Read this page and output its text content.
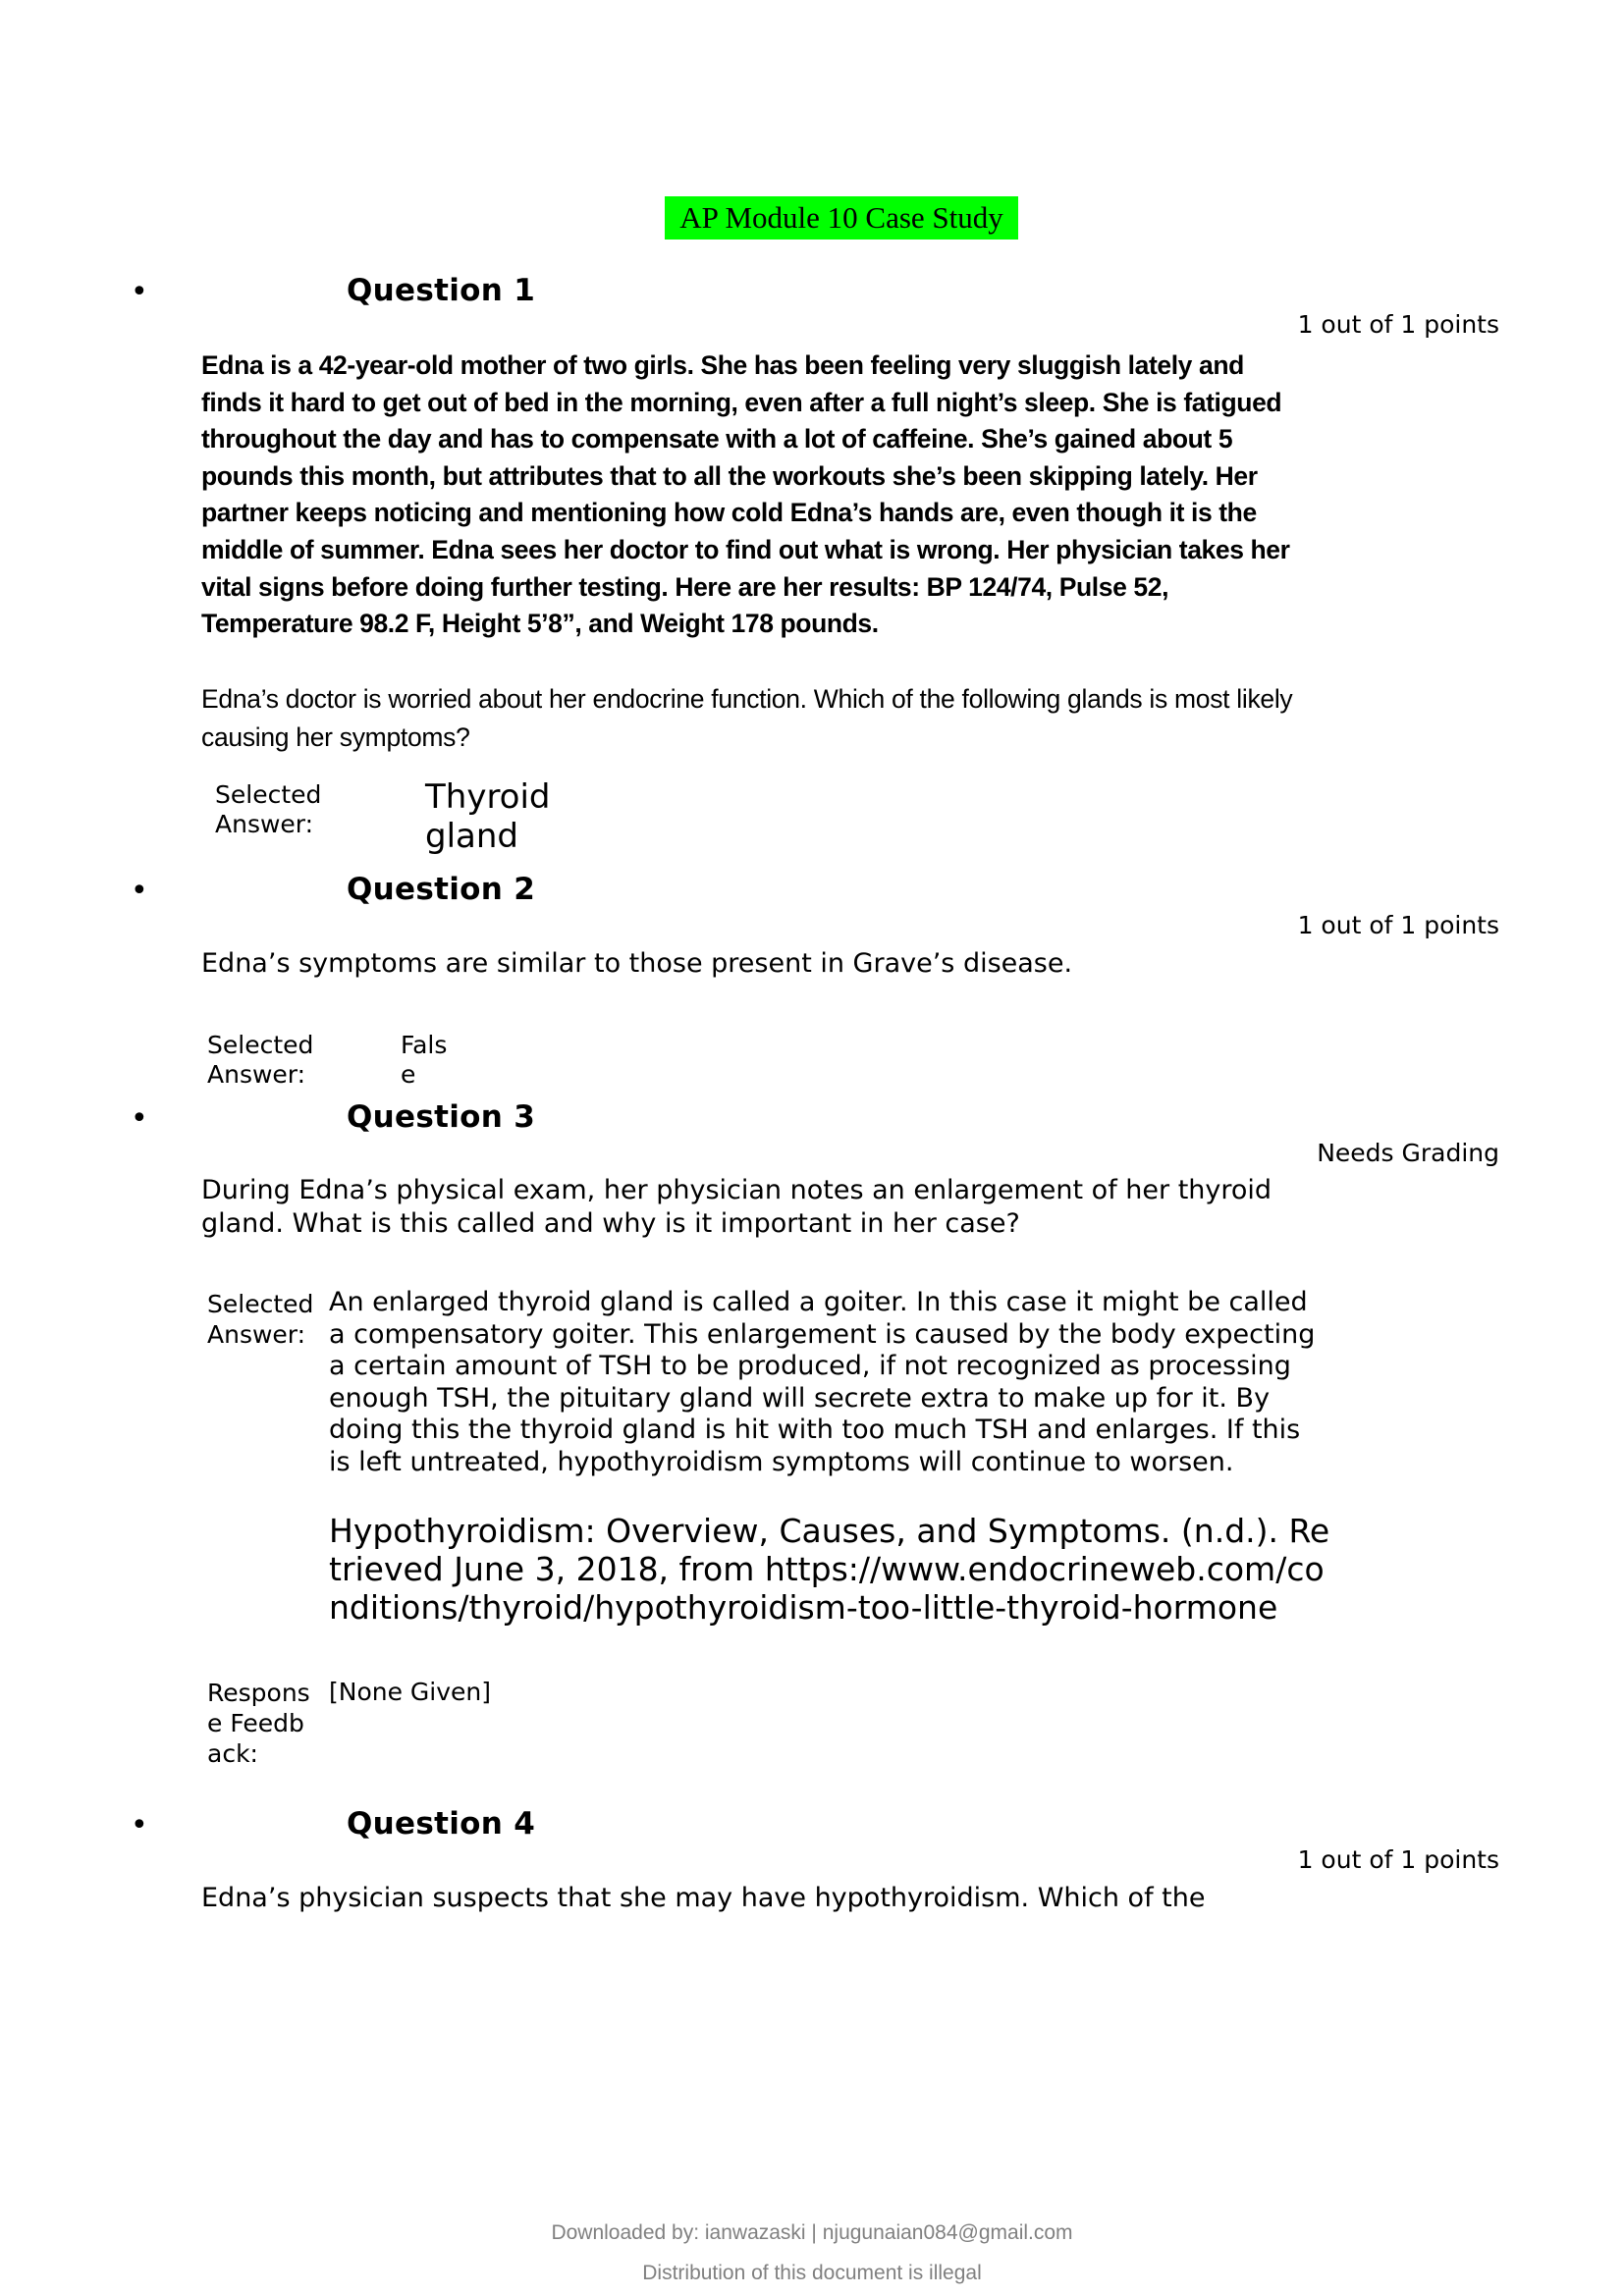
AP Module 10 Case Study
•	Question 1
1 out of 1 points
Edna is a 42-year-old mother of two girls. She has been feeling very sluggish lately and finds it hard to get out of bed in the morning, even after a full night’s sleep. She is fatigued throughout the day and has to compensate with a lot of caffeine. She’s gained about 5 pounds this month, but attributes that to all the workouts she’s been skipping lately. Her partner keeps noticing and mentioning how cold Edna’s hands are, even though it is the middle of summer. Edna sees her doctor to find out what is wrong. Her physician takes her vital signs before doing further testing. Here are her results: BP 124/74, Pulse 52, Temperature 98.2 F, Height 5’8”, and Weight 178 pounds.
Edna’s doctor is worried about her endocrine function. Which of the following glands is most likely causing her symptoms?
Selected Answer:
Thyroid gland
•	Question 2
1 out of 1 points
Edna’s symptoms are similar to those present in Grave’s disease.
Selected Answer:
False
•	Question 3
Needs Grading
During Edna’s physical exam, her physician notes an enlargement of her thyroid gland. What is this called and why is it important in her case?
Selected Answer:
An enlarged thyroid gland is called a goiter. In this case it might be called a compensatory goiter. This enlargement is caused by the body expecting a certain amount of TSH to be produced, if not recognized as processing enough TSH, the pituitary gland will secrete extra to make up for it. By doing this the thyroid gland is hit with too much TSH and enlarges. If this is left untreated, hypothyroidism symptoms will continue to worsen.
Hypothyroidism: Overview, Causes, and Symptoms. (n.d.). Retrieved June 3, 2018, from https://www.endocrineweb.com/conditions/thyroid/hypothyroidism-too-little-thyroid-hormone
Response Feedback:
[None Given]
•	Question 4
1 out of 1 points
Edna’s physician suspects that she may have hypothyroidism. Which of the
Downloaded by: ianwazaski | njugunaian084@gmail.com
Distribution of this document is illegal
